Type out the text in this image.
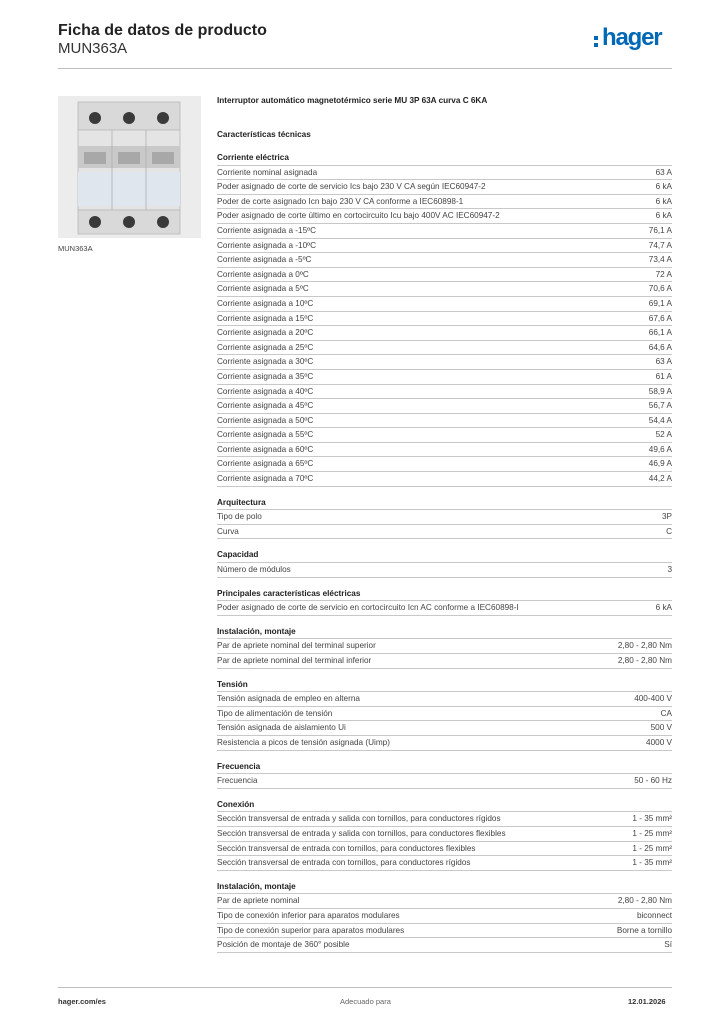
Ficha de datos de producto
MUN363A	hager
MUN363A
Interruptor automático magnetotérmico serie MU 3P 63A curva C 6KA
Características técnicas
Corriente eléctrica
Corriente nominal asignada	63 A
Poder asignado de corte de servicio Ics bajo 230 V CA según IEC60947-2	6 kA
Poder de corte asignado Icn bajo 230 V CA conforme a IEC60898-1	6 kA
Poder asignado de corte último en cortocircuito Icu bajo 400V AC IEC60947-2	6 kA
Corriente asignada a -15ºC	76,1 A
Corriente asignada a -10ºC	74,7 A
Corriente asignada a -5ºC	73,4 A
Corriente asignada a 0ºC	72 A
Corriente asignada a 5ºC	70,6 A
Corriente asignada a 10ºC	69,1 A
Corriente asignada a 15ºC	67,6 A
Corriente asignada a 20ºC	66,1 A
Corriente asignada a 25ºC	64,6 A
Corriente asignada a 30ºC	63 A
Corriente asignada a 35ºC	61 A
Corriente asignada a 40ºC	58,9 A
Corriente asignada a 45ºC	56,7 A
Corriente asignada a 50ºC	54,4 A
Corriente asignada a 55ºC	52 A
Corriente asignada a 60ºC	49,6 A
Corriente asignada a 65ºC	46,9 A
Corriente asignada a 70ºC	44,2 A
Arquitectura
Tipo de polo	3P
Curva	C
Capacidad
Número de módulos	3
Principales características eléctricas
Poder asignado de corte de servicio en cortocircuito Icn AC conforme a IEC60898-I	6 kA
Instalación, montaje
Par de apriete nominal del terminal superior	2,80 - 2,80 Nm
Par de apriete nominal del terminal inferior	2,80 - 2,80 Nm
Tensión
Tensión asignada de empleo en alterna	400-400 V
Tipo de alimentación de tensión	CA
Tensión asignada de aislamiento Ui	500 V
Resistencia a picos de tensión asignada (Uimp)	4000 V
Frecuencia
Frecuencia	50 - 60 Hz
Conexión
Sección transversal de entrada y salida con tornillos, para conductores rígidos	1 - 35 mm²
Sección transversal de entrada y salida con tornillos, para conductores flexibles	1 - 25 mm²
Sección transversal de entrada con tornillos, para conductores flexibles	1 - 25 mm²
Sección transversal de entrada con tornillos, para conductores rígidos	1 - 35 mm²
Instalación, montaje
Par de apriete nominal	2,80 - 2,80 Nm
Tipo de conexión inferior para aparatos modulares	biconnect
Tipo de conexión superior para aparatos modulares	Borne a tornillo
Posición de montaje de 360° posible	Sí
hager.com/es	Adecuado para	12.01.2026
